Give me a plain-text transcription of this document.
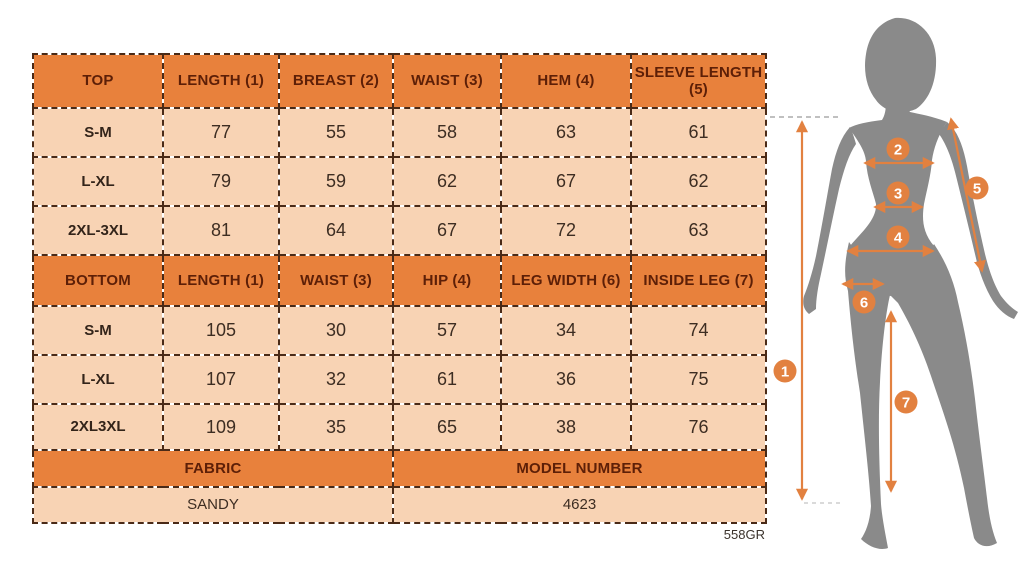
TOP	LENGTH (1)	BREAST (2)	WAIST (3)	HEM (4)	SLEEVE LENGTH (5)
S-M	77	55	58	63	61
L-XL	79	59	62	67	62
2XL-3XL	81	64	67	72	63
BOTTOM	LENGTH (1)	WAIST (3)	HIP (4)	LEG WIDTH (6)	INSIDE LEG (7)
S-M	105	30	57	34	74
L-XL	107	32	61	36	75
2XL3XL	109	35	65	38	76
FABRIC			MODEL NUMBER		
SANDY			4623		
558GR
1
2
3
4
5
6
7
